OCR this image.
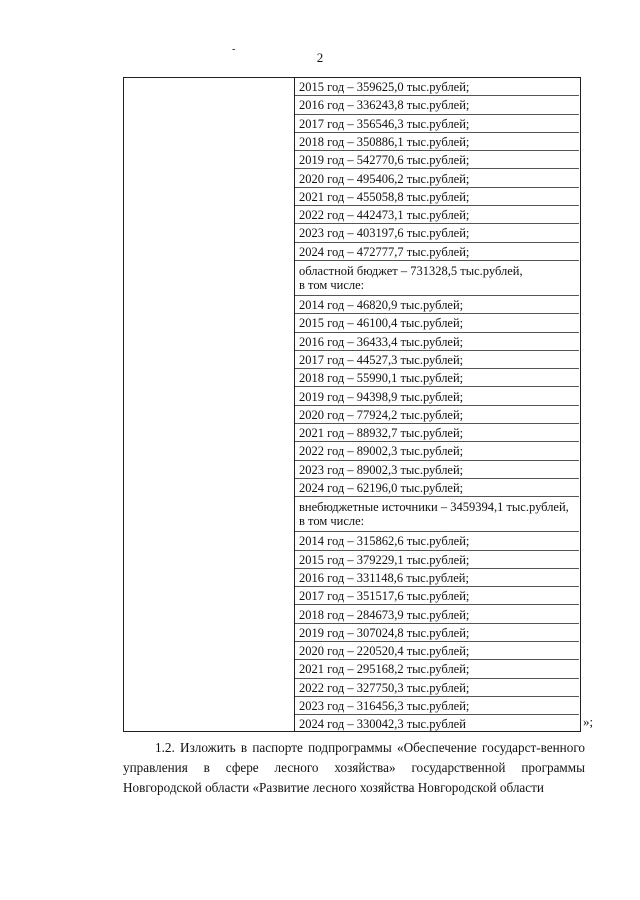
-
2
2015 год – 359625,0 тыс.рублей;
2016 год – 336243,8 тыс.рублей;
2017 год – 356546,3 тыс.рублей;
2018 год – 350886,1 тыс.рублей;
2019 год – 542770,6 тыс.рублей;
2020 год – 495406,2 тыс.рублей;
2021 год – 455058,8 тыс.рублей;
2022 год – 442473,1 тыс.рублей;
2023 год – 403197,6 тыс.рублей;
2024 год – 472777,7 тыс.рублей;
областной бюджет – 731328,5 тыс.рублей,
в том числе:
2014 год – 46820,9 тыс.рублей;
2015 год – 46100,4 тыс.рублей;
2016 год – 36433,4 тыс.рублей;
2017 год – 44527,3 тыс.рублей;
2018 год – 55990,1 тыс.рублей;
2019 год – 94398,9 тыс.рублей;
2020 год – 77924,2 тыс.рублей;
2021 год – 88932,7 тыс.рублей;
2022 год – 89002,3 тыс.рублей;
2023 год – 89002,3 тыс.рублей;
2024 год – 62196,0 тыс.рублей;
внебюджетные источники – 3459394,1 тыс.рублей,
в том числе:
2014 год – 315862,6 тыс.рублей;
2015 год – 379229,1 тыс.рублей;
2016 год – 331148,6 тыс.рублей;
2017 год – 351517,6 тыс.рублей;
2018 год – 284673,9 тыс.рублей;
2019 год – 307024,8 тыс.рублей;
2020 год – 220520,4 тыс.рублей;
2021 год – 295168,2 тыс.рублей;
2022 год – 327750,3 тыс.рублей;
2023 год – 316456,3 тыс.рублей;
2024 год – 330042,3 тыс.рублей	»;
1.2. Изложить в паспорте подпрограммы «Обеспечение государст-венного управления в сфере лесного хозяйства» государственной программы Новгородской области «Развитие лесного хозяйства Новгородской области
